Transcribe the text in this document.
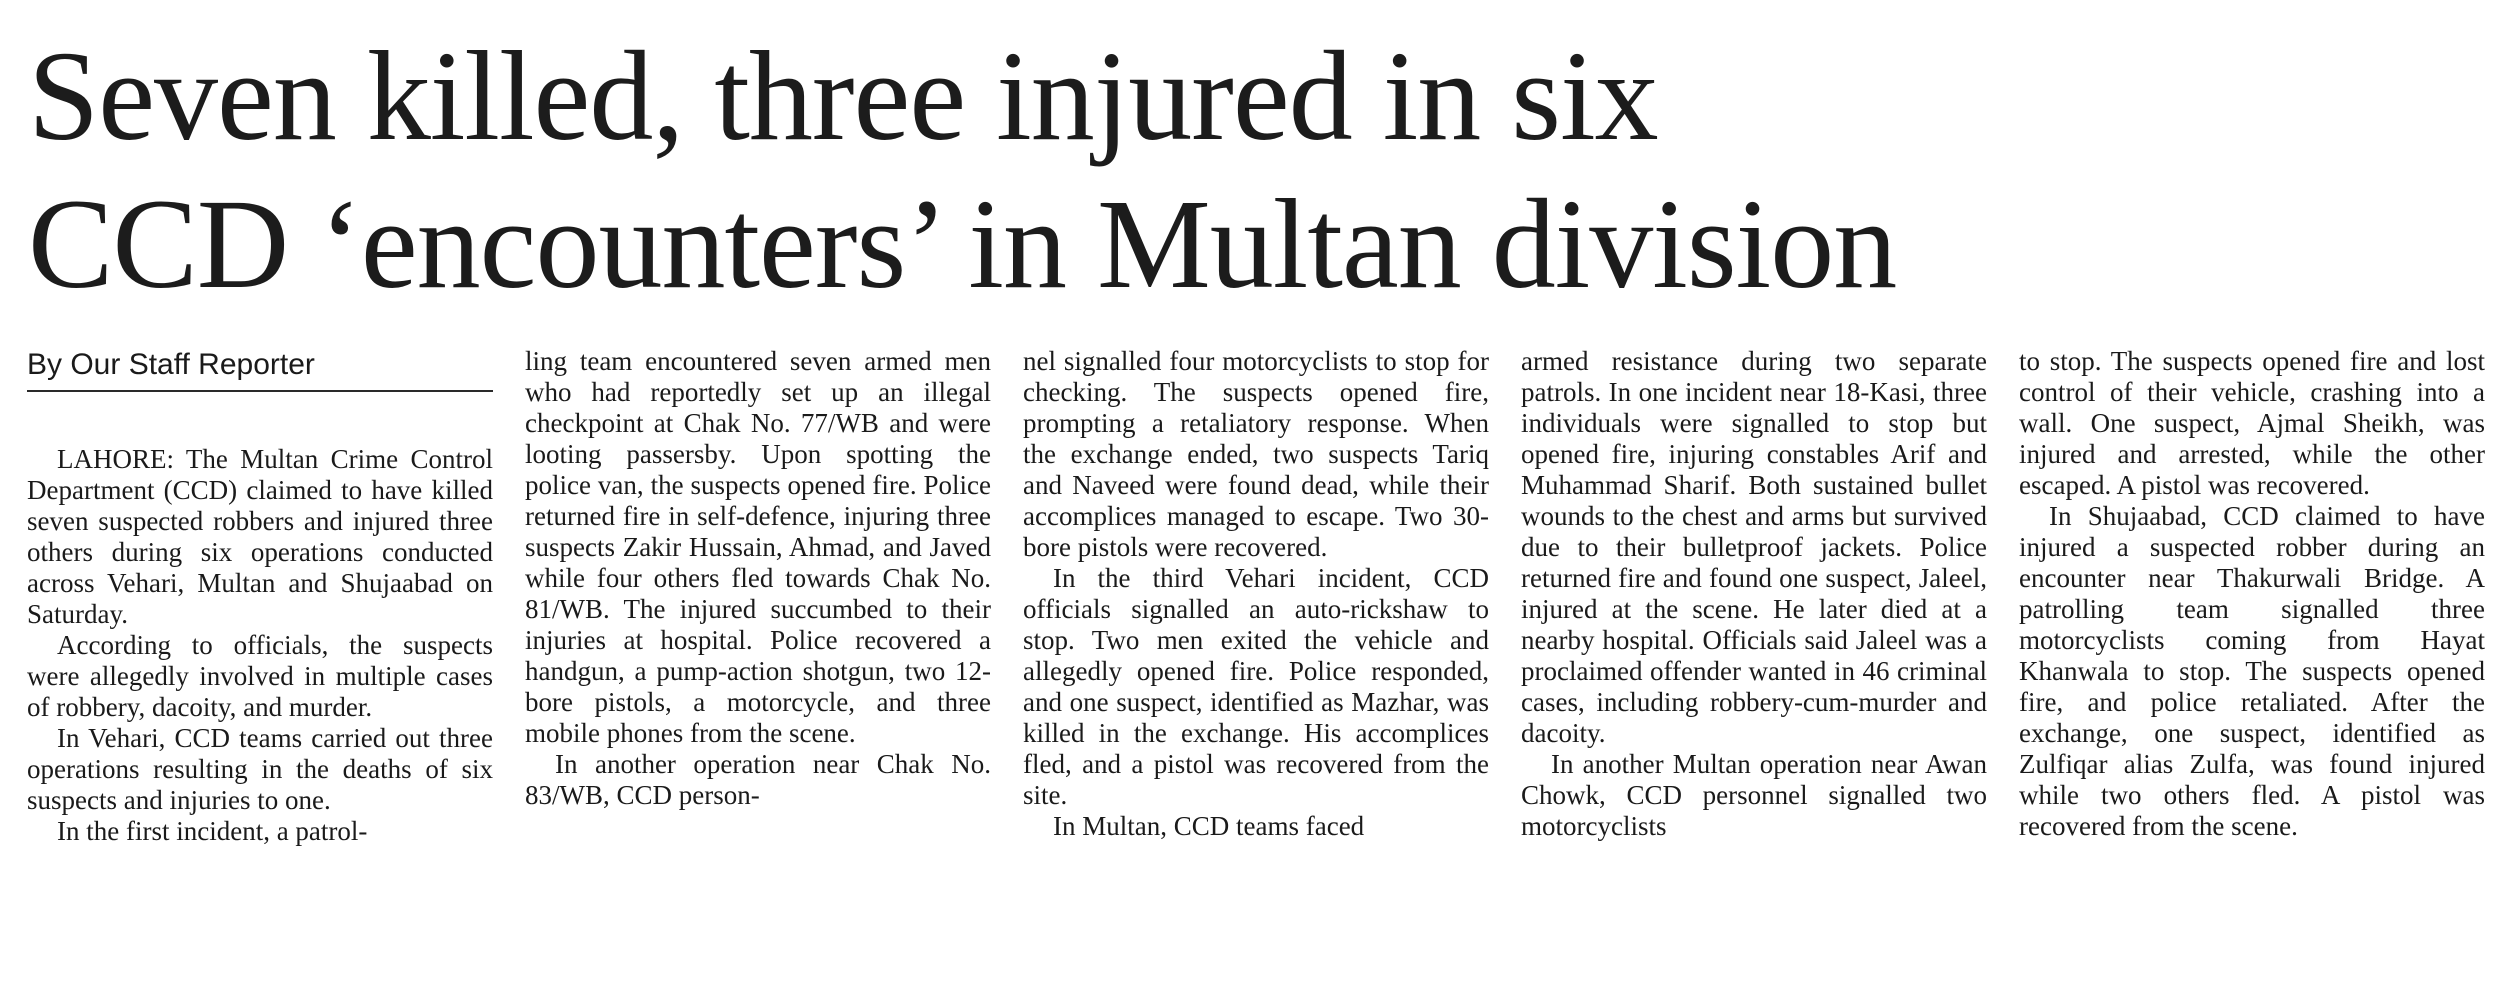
Seven killed, three injured in six
CCD ‘encounters’ in Multan division
By Our Staff Reporter

LAHORE: The Multan Crime Control Department (CCD) claimed to have killed seven suspected robbers and injured three others during six operations conducted across Vehari, Multan and Shujaabad on Saturday.

According to officials, the suspects were allegedly involved in multiple cases of robbery, dacoity, and murder.

In Vehari, CCD teams carried out three operations resulting in the deaths of six suspects and injuries to one.

In the first incident, a patrol-

ling team encountered seven armed men who had reportedly set up an illegal checkpoint at Chak No. 77/WB and were looting passersby. Upon spotting the police van, the suspects opened fire. Police returned fire in self-defence, injuring three suspects Zakir Hussain, Ahmad, and Javed while four others fled towards Chak No. 81/WB. The injured succumbed to their injuries at hospital. Police recovered a handgun, a pump-action shotgun, two 12-bore pistols, a motorcycle, and three mobile phones from the scene.

In another operation near Chak No. 83/WB, CCD person-

nel signalled four motorcyclists to stop for checking. The suspects opened fire, prompting a retaliatory response. When the exchange ended, two suspects Tariq and Naveed were found dead, while their accomplices managed to escape. Two 30-bore pistols were recovered.

In the third Vehari incident, CCD officials signalled an auto-rickshaw to stop. Two men exited the vehicle and allegedly opened fire. Police responded, and one suspect, identified as Mazhar, was killed in the exchange. His accomplices fled, and a pistol was recovered from the site.

In Multan, CCD teams faced

armed resistance during two separate patrols. In one incident near 18-Kasi, three individuals were signalled to stop but opened fire, injuring constables Arif and Muhammad Sharif. Both sustained bullet wounds to the chest and arms but survived due to their bulletproof jackets. Police returned fire and found one suspect, Jaleel, injured at the scene. He later died at a nearby hospital. Officials said Jaleel was a proclaimed offender wanted in 46 criminal cases, including robbery-cum-murder and dacoity.

In another Multan operation near Awan Chowk, CCD personnel signalled two motorcyclists

to stop. The suspects opened fire and lost control of their vehicle, crashing into a wall. One suspect, Ajmal Sheikh, was injured and arrested, while the other escaped. A pistol was recovered.

In Shujaabad, CCD claimed to have injured a suspected robber during an encounter near Thakurwali Bridge. A patrolling team signalled three motorcyclists coming from Hayat Khanwala to stop. The suspects opened fire, and police retaliated. After the exchange, one suspect, identified as Zulfiqar alias Zulfa, was found injured while two others fled. A pistol was recovered from the scene.
